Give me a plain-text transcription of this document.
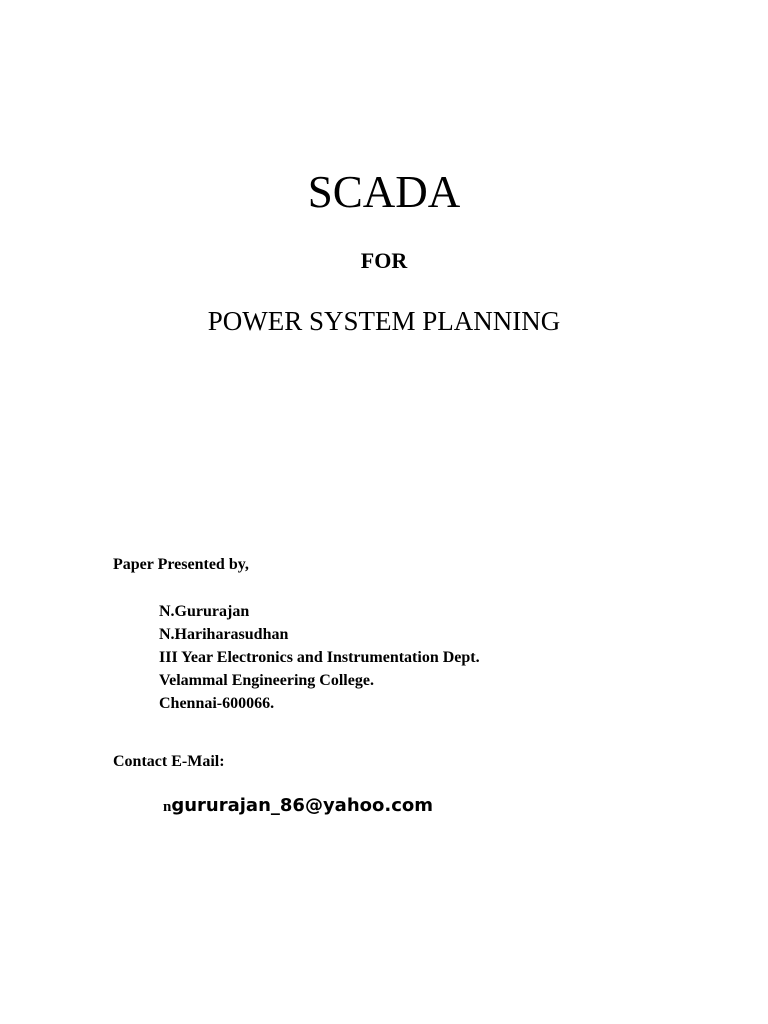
SCADA
FOR
POWER SYSTEM PLANNING
Paper Presented by,
N.Gururajan
N.Hariharasudhan
III Year Electronics and Instrumentation Dept.
Velammal Engineering College.
Chennai-600066.
Contact E-Mail:
ngururajan_86@yahoo.com
